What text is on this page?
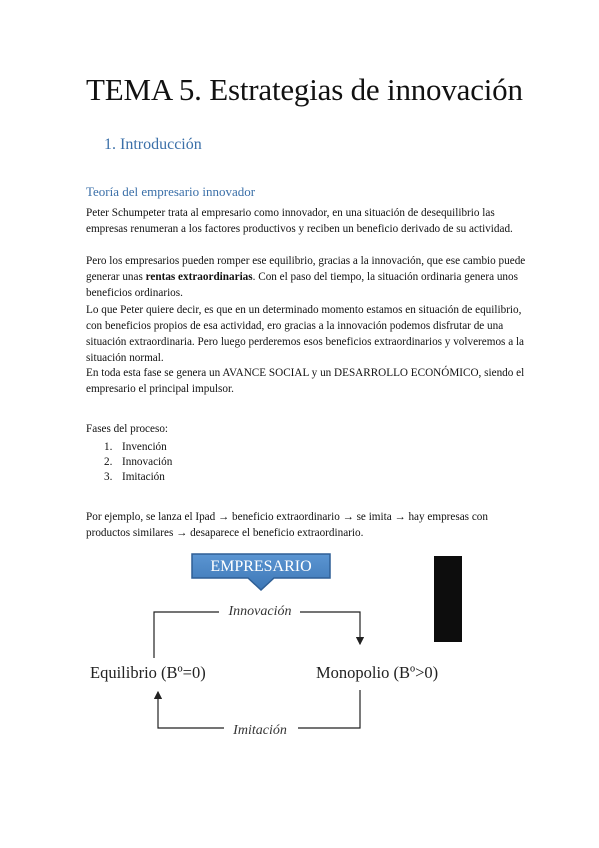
TEMA 5. Estrategias de innovación
1. Introducción
Teoría del empresario innovador

Peter Schumpeter trata al empresario como innovador, en una situación de desequilibrio las empresas renumeran a los factores productivos y reciben un beneficio derivado de su actividad.

Pero los empresarios pueden romper ese equilibrio, gracias a la innovación, que ese cambio puede generar unas rentas extraordinarias. Con el paso del tiempo, la situación ordinaria genera unos beneficios ordinarios.

Lo que Peter quiere decir, es que en un determinado momento estamos en situación de equilibrio, con beneficios propios de esa actividad, ero gracias a la innovación podemos disfrutar de una situación extraordinaria. Pero luego perderemos esos beneficios extraordinarios y volveremos a la situación normal.

En toda esta fase se genera un AVANCE SOCIAL y un DESARROLLO ECONÓMICO, siendo el empresario el principal impulsor.

Fases del proceso:

1. Invención
2. Innovación
3. Imitación

Por ejemplo, se lanza el Ipad → beneficio extraordinario → se imita → hay empresas con productos similares → desaparece el beneficio extraordinario.

EMPRESARIO
Innovación
Equilibrio (Bº=0)	Monopolio (Bº>0)
Imitación
